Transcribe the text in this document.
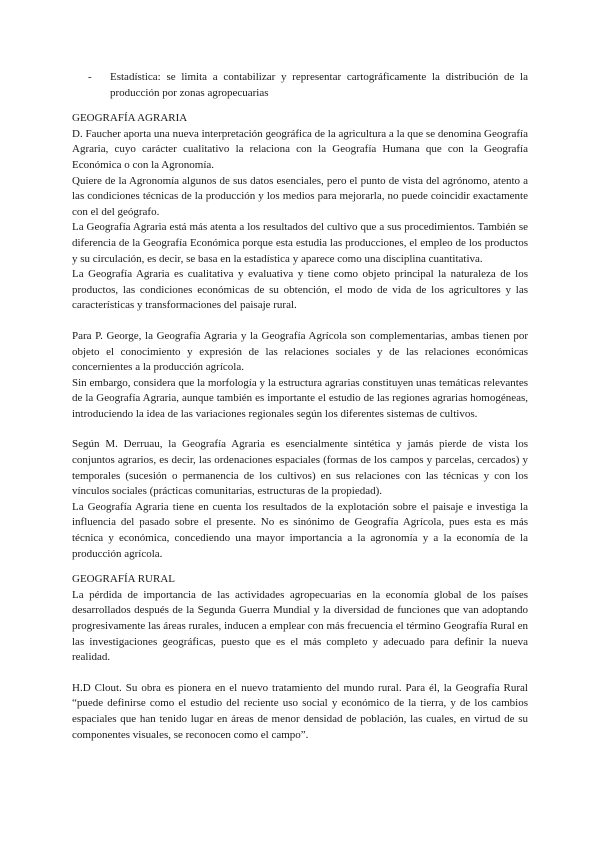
-	Estadística: se limita a contabilizar y representar cartográficamente la distribución de la producción por zonas agropecuarias

GEOGRAFÍA AGRARIA

D. Faucher aporta una nueva interpretación geográfica de la agricultura a la que se denomina Geografía Agraria, cuyo carácter cualitativo la relaciona con la Geografía Humana que con la Geografía Económica o con la Agronomía.

Quiere de la Agronomía algunos de sus datos esenciales, pero el punto de vista del agrónomo, atento a las condiciones técnicas de la producción y los medios para mejorarla, no puede coincidir exactamente con el del geógrafo.

La Geografía Agraria está más atenta a los resultados del cultivo que a sus procedimientos. También se diferencia de la Geografía Económica porque esta estudia las producciones, el empleo de los productos y su circulación, es decir, se basa en la estadística y aparece como una disciplina cuantitativa.

La Geografía Agraria es cualitativa y evaluativa y tiene como objeto principal la naturaleza de los productos, las condiciones económicas de su obtención, el modo de vida de los agricultores y las características y transformaciones del paisaje rural.

Para P. George, la Geografía Agraria y la Geografía Agrícola son complementarias, ambas tienen por objeto el conocimiento y expresión de las relaciones sociales y de las relaciones económicas concernientes a la producción agrícola.

Sin embargo, considera que la morfología y la estructura agrarias constituyen unas temáticas relevantes de la Geografía Agraria, aunque también es importante el estudio de las regiones agrarias homogéneas, introduciendo la idea de las variaciones regionales según los diferentes sistemas de cultivos.

Según M. Derruau, la Geografía Agraria es esencialmente sintética y jamás pierde de vista los conjuntos agrarios, es decir, las ordenaciones espaciales (formas de los campos y parcelas, cercados) y temporales (sucesión o permanencia de los cultivos) en sus relaciones con las técnicas y con los vínculos sociales (prácticas comunitarias, estructuras de la propiedad).

La Geografía Agraria tiene en cuenta los resultados de la explotación sobre el paisaje e investiga la influencia del pasado sobre el presente. No es sinónimo de Geografía Agrícola, pues esta es más técnica y económica, concediendo una mayor importancia a la agronomía y a la economía de la producción agrícola.

GEOGRAFÍA RURAL

La pérdida de importancia de las actividades agropecuarias en la economía global de los países desarrollados después de la Segunda Guerra Mundial y la diversidad de funciones que van adoptando progresivamente las áreas rurales, inducen a emplear con más frecuencia el término Geografía Rural en las investigaciones geográficas, puesto que es el más completo y adecuado para definir la nueva realidad.

H.D Clout. Su obra es pionera en el nuevo tratamiento del mundo rural. Para él, la Geografía Rural “puede definirse como el estudio del reciente uso social y económico de la tierra, y de los cambios espaciales que han tenido lugar en áreas de menor densidad de población, las cuales, en virtud de su componentes visuales, se reconocen como el campo”.
